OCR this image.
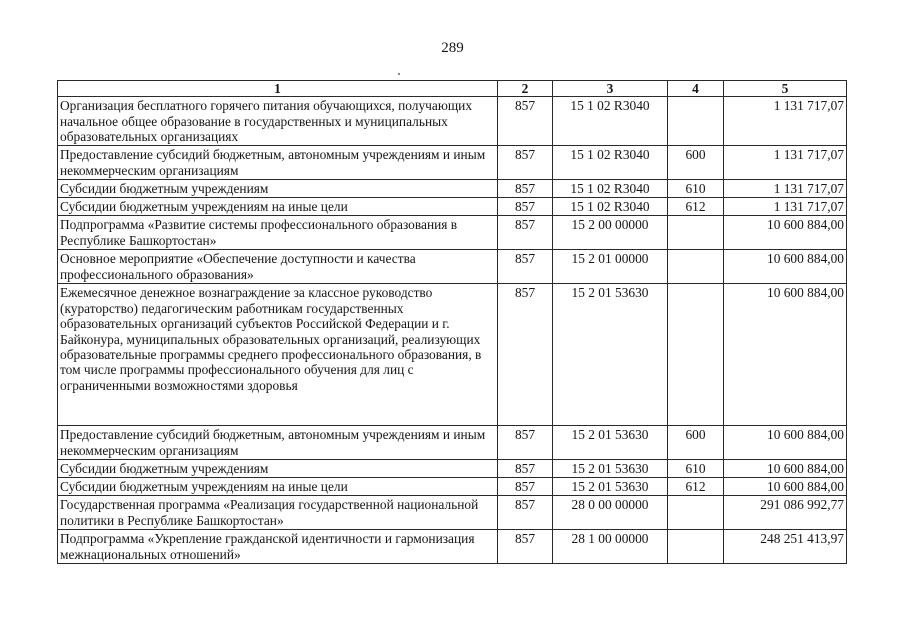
289
1	2	3	4	5
Организация бесплатного горячего питания обучающихся, получающих начальное общее образование в государственных и муниципальных образовательных организациях	857	15 1 02 R3040		1 131 717,07
Предоставление субсидий бюджетным, автономным учреждениям и иным некоммерческим организациям	857	15 1 02 R3040	600	1 131 717,07
Субсидии бюджетным учреждениям	857	15 1 02 R3040	610	1 131 717,07
Субсидии бюджетным учреждениям на иные цели	857	15 1 02 R3040	612	1 131 717,07
Подпрограмма «Развитие системы профессионального образования в Республике Башкортостан»	857	15 2 00 00000		10 600 884,00
Основное мероприятие «Обеспечение доступности и качества профессионального образования»	857	15 2 01 00000		10 600 884,00
Ежемесячное денежное вознаграждение за классное руководство (кураторство) педагогическим работникам государственных образовательных организаций субъектов Российской Федерации и г. Байконура, муниципальных образовательных организаций, реализующих образовательные программы среднего профессионального образования, в том числе программы профессионального обучения для лиц с ограниченными возможностями здоровья	857	15 2 01 53630		10 600 884,00
Предоставление субсидий бюджетным, автономным учреждениям и иным некоммерческим организациям	857	15 2 01 53630	600	10 600 884,00
Субсидии бюджетным учреждениям	857	15 2 01 53630	610	10 600 884,00
Субсидии бюджетным учреждениям на иные цели	857	15 2 01 53630	612	10 600 884,00
Государственная программа «Реализация государственной национальной политики в Республике Башкортостан»	857	28 0 00 00000		291 086 992,77
Подпрограмма «Укрепление гражданской идентичности и гармонизация межнациональных отношений»	857	28 1 00 00000		248 251 413,97
